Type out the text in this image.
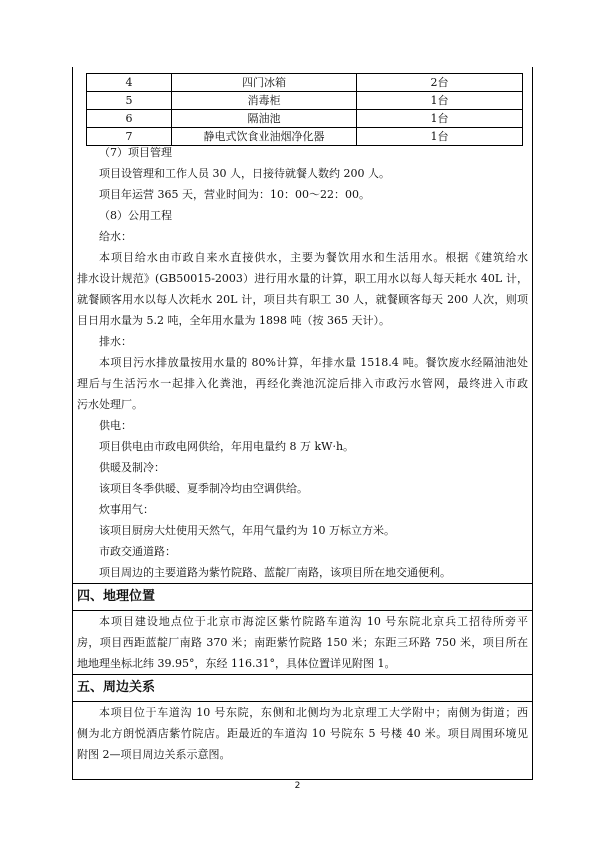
4	四门冰箱	2台
5	消毒柜	1台
6	隔油池	1台
7	静电式饮食业油烟净化器	1台

（7）项目管理

项目设管理和工作人员 30 人，日接待就餐人数约 200 人。

项目年运营 365 天，营业时间为：10：00～22：00。

（8）公用工程

给水：

本项目给水由市政自来水直接供水，主要为餐饮用水和生活用水。根据《建筑给水

排水设计规范》(GB50015-2003）进行用水量的计算，职工用水以每人每天耗水 40L 计，

就餐顾客用水以每人次耗水 20L 计，项目共有职工 30 人，就餐顾客每天 200 人次，则项

目日用水量为 5.2 吨，全年用水量为 1898 吨（按 365 天计）。

排水：

本项目污水排放量按用水量的 80%计算，年排水量 1518.4 吨。餐饮废水经隔油池处

理后与生活污水一起排入化粪池，再经化粪池沉淀后排入市政污水管网，最终进入市政

污水处理厂。

供电：

项目供电由市政电网供给，年用电量约 8 万 kW·h。

供暖及制冷：

该项目冬季供暖、夏季制冷均由空调供给。

炊事用气：

该项目厨房大灶使用天然气，年用气量约为 10 万标立方米。

市政交通道路：

项目周边的主要道路为紫竹院路、蓝靛厂南路，该项目所在地交通便利。

四、地理位置

本项目建设地点位于北京市海淀区紫竹院路车道沟 10 号东院北京兵工招待所旁平

房，项目西距蓝靛厂南路 370 米；南距紫竹院路 150 米；东距三环路 750 米，项目所在

地地理坐标北纬 39.95°，东经 116.31°，具体位置详见附图 1。

五、周边关系

本项目位于车道沟 10 号东院，东侧和北侧均为北京理工大学附中；南侧为街道；西

侧为北方朗悦酒店紫竹院店。距最近的车道沟 10 号院东 5 号楼 40 米。项目周围环境见

附图 2—项目周边关系示意图。

2
